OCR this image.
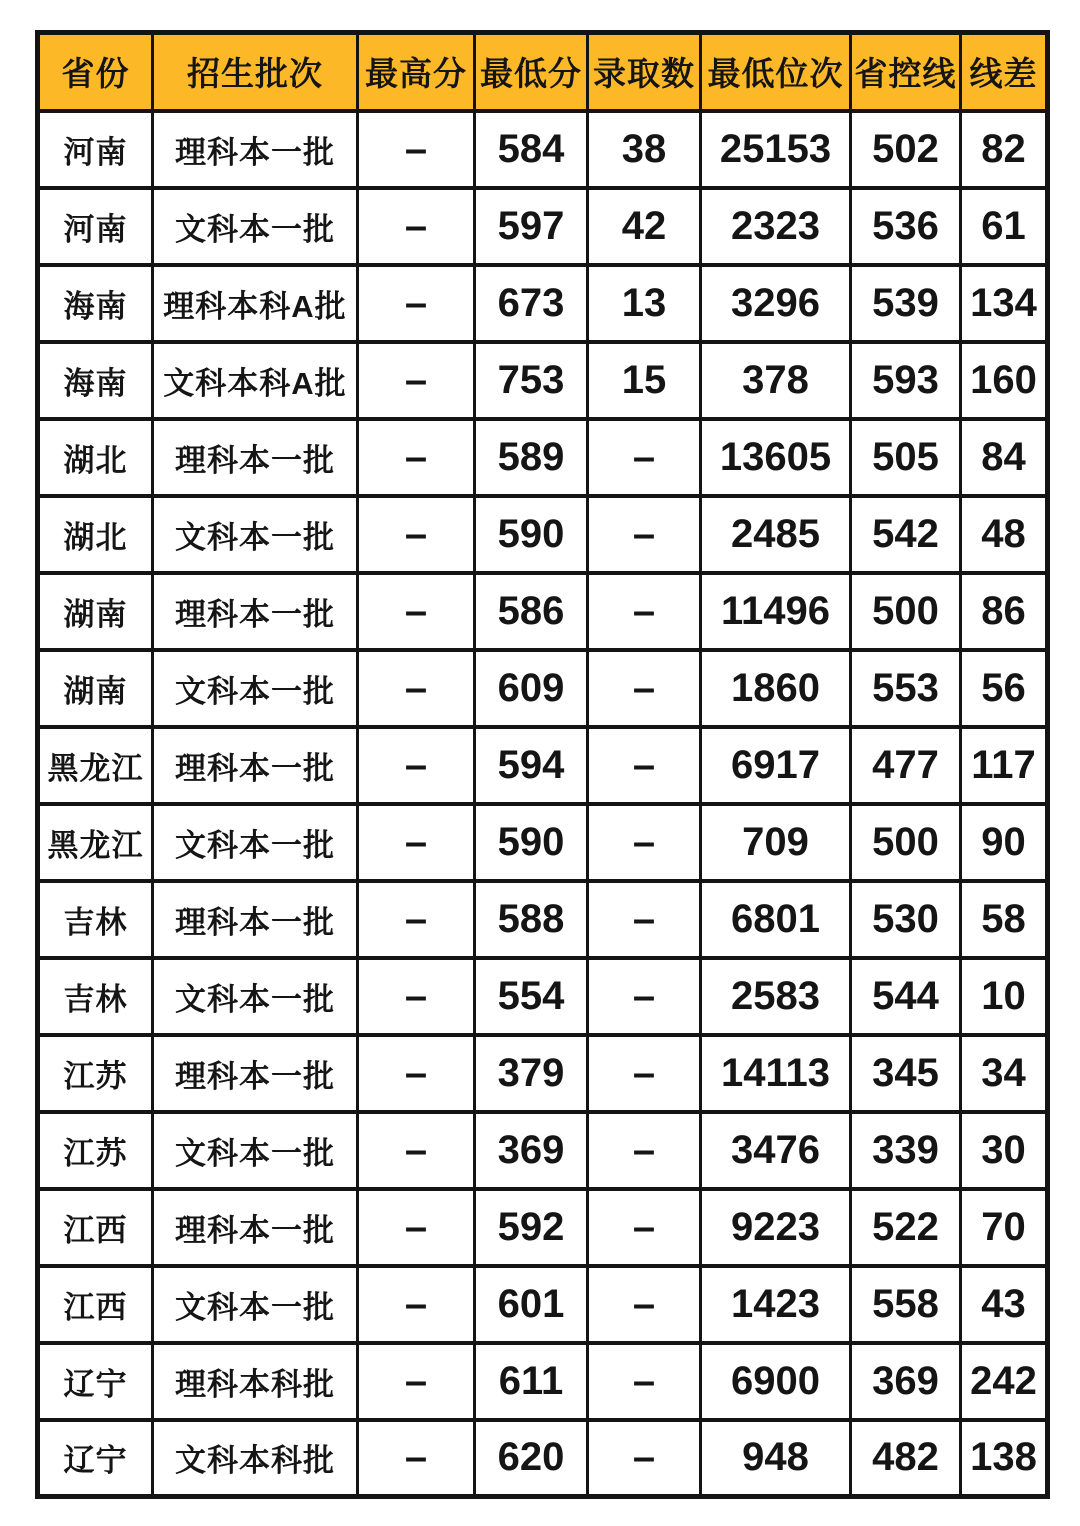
省份	招生批次	最高分	最低分	录取数	最低位次	省控线	线差
河南	理科本一批	–	584	38	25153	502	82
河南	文科本一批	–	597	42	2323	536	61
海南	理科本科A批	–	673	13	3296	539	134
海南	文科本科A批	–	753	15	378	593	160
湖北	理科本一批	–	589	–	13605	505	84
湖北	文科本一批	–	590	–	2485	542	48
湖南	理科本一批	–	586	–	11496	500	86
湖南	文科本一批	–	609	–	1860	553	56
黑龙江	理科本一批	–	594	–	6917	477	117
黑龙江	文科本一批	–	590	–	709	500	90
吉林	理科本一批	–	588	–	6801	530	58
吉林	文科本一批	–	554	–	2583	544	10
江苏	理科本一批	–	379	–	14113	345	34
江苏	文科本一批	–	369	–	3476	339	30
江西	理科本一批	–	592	–	9223	522	70
江西	文科本一批	–	601	–	1423	558	43
辽宁	理科本科批	–	611	–	6900	369	242
辽宁	文科本科批	–	620	–	948	482	138
